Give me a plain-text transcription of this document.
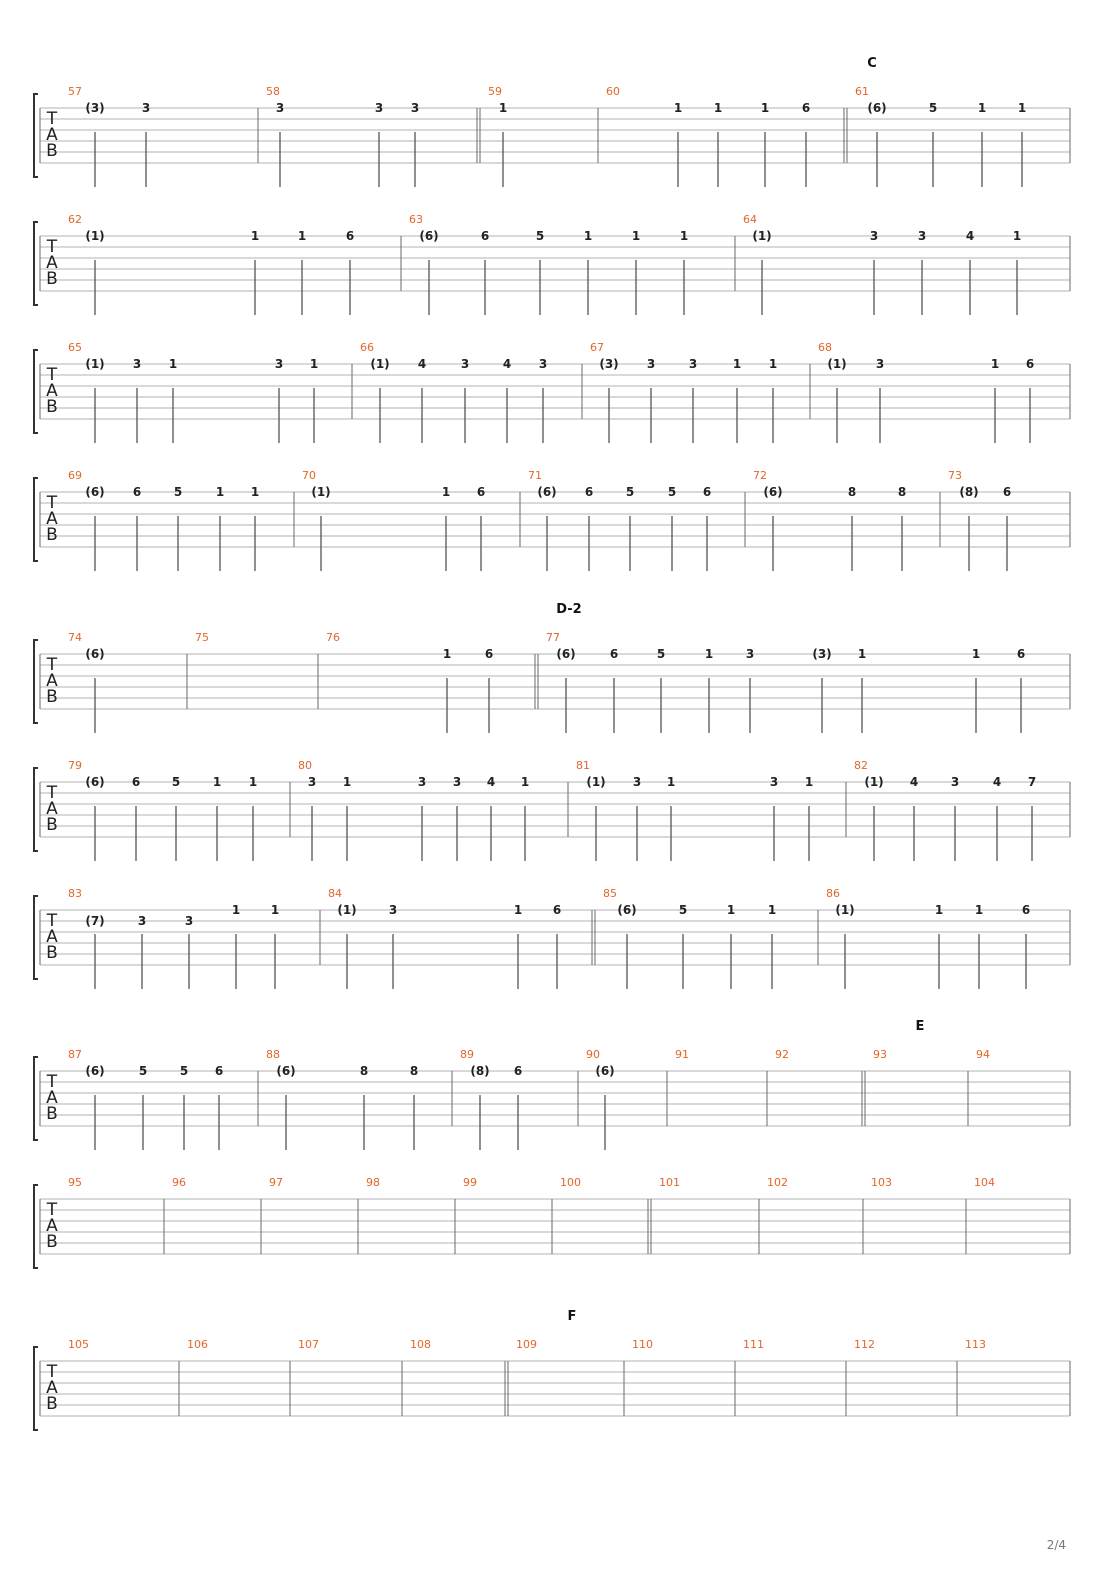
T
A
B
57	58	59	60	61
C
(3)	3	3	3 3	1	1	1	1	6	(6)	5	1	1
T
A
B
62	63	64
(1)	1	1	6	(6)	6	5	1	1	1	(1)	3	3	4	1
T
A
B
65	66	67	68
(1) 3 1	3 1	(1) 4	3	4 3	(3) 3	3	1 1	(1) 3	1 6
T
A
B
69	70	71	72	73
(6) 6	5	1 1	(1)	1 6	(6) 6	5	5 6	(6)	8	8	(8) 6
T
A
B
74	75	76	77
D-2
(6)	1	6	(6)	6	5	1	3	(3) 1	1	6
T
A
B
79	80	81	82
(6) 6	5	1 1	3 1	3 3 4 1	(1) 3 1	3 1	(1) 4	3	4 7
T
A
B
83	84	85	86
(7)	3	3
1	1	(1)	3	1	6	(6)	5	1	1	(1)	1	1	6
T
A
B
87	88	89	90	91	92	93	94
E
(6)	5	5 6	(6)	8	8	(8) 6	(6)
T
A
B
95	96	97	98	99	100	101	102	103	104
T
A
B
105	106	107	108	109	110	111	112	113
F
2/4
